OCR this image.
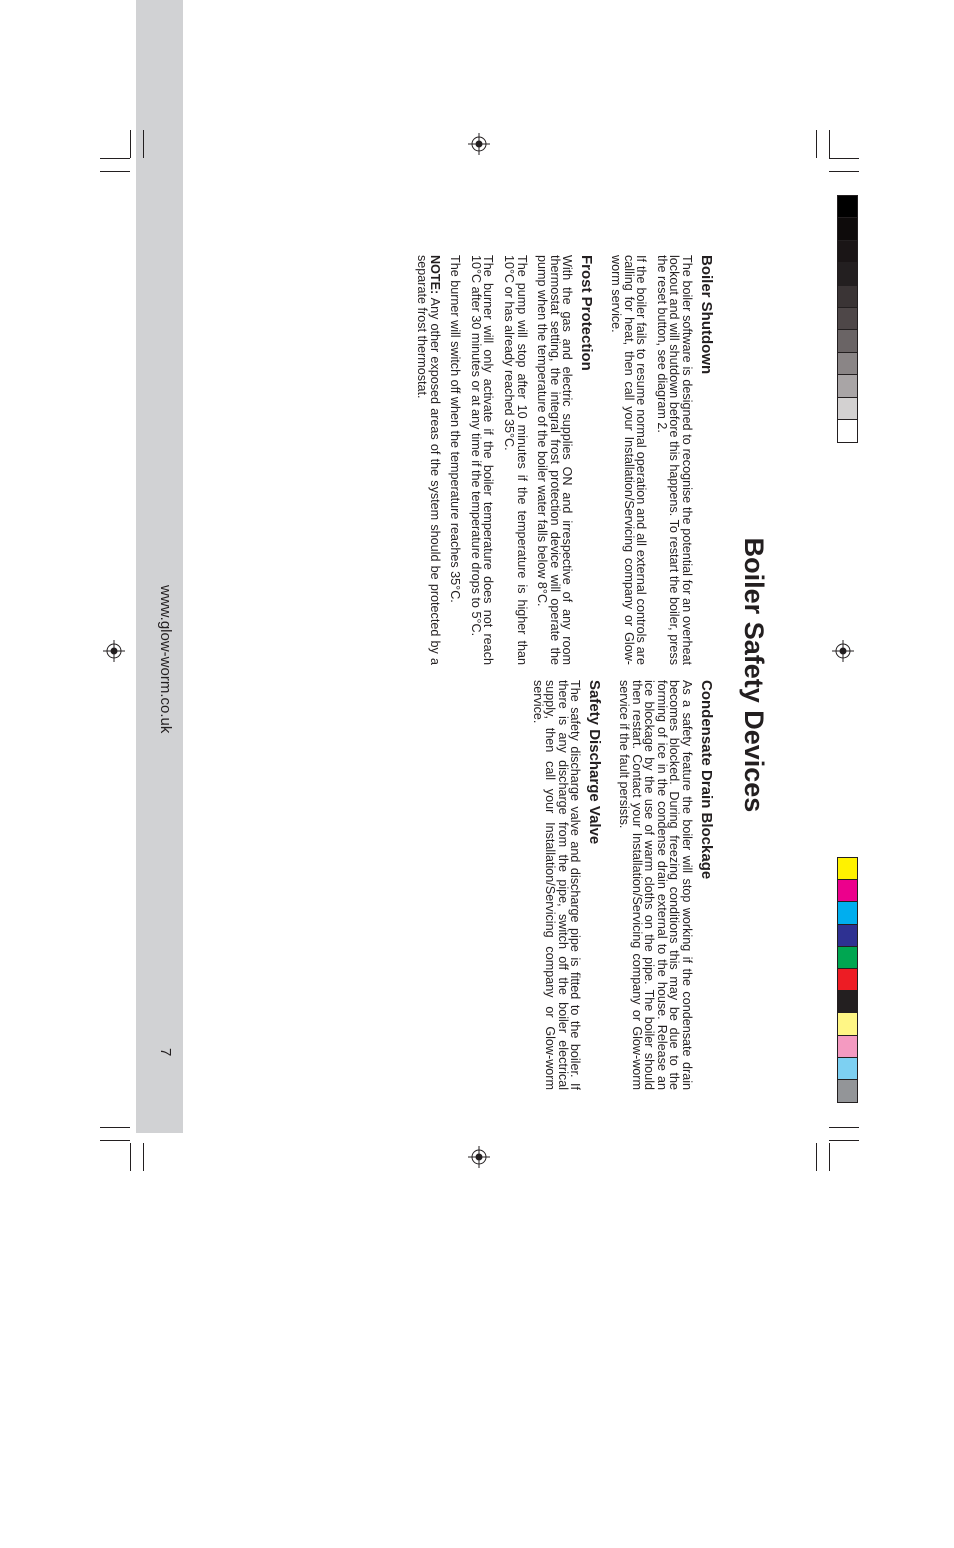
www.glow-worm.co.uk
7
Boiler Safety Devices
Boiler Shutdown

The boiler software is designed to recognise the potential for an overheat lockout and will shutdown before this happens. To restart the boiler, press the reset button, see diagram 2.

If the boiler fails to resume normal operation and all external controls are calling for heat, then call your Installation/Servicing company or Glow-worm service.

Frost Protection

With the gas and electric supplies ON and irrespective of any room thermostat setting, the integral frost protection device will operate the pump when the temperature of the boiler water falls below 8°C.

The pump will stop after 10 minutes if the temperature is higher than 10°C or has already reached 35°C.

The burner will only activate if the boiler temperature does not reach 10°C after 30 minutes or at any time if the temperature drops to 5°C.

The burner will switch off when the temperature reaches 35°C.

NOTE: Any other exposed areas of the system should be protected by a separate frost thermostat.

Condensate Drain Blockage

As a safety feature the boiler will stop working if the condensate drain becomes blocked. During freezing conditions this may be due to the forming of ice in the condense drain external to the house. Release an ice blockage by the use of warm cloths on the pipe. The boiler should then restart. Contact your Installation/Servicing company or Glow-worm service if the fault persists.

Safety Discharge Valve

The safety discharge valve and discharge pipe is fitted to the boiler. If there is any discharge from the pipe, switch off the boiler electrical supply, then call your Installation/Servicing company or Glow-worm service.
